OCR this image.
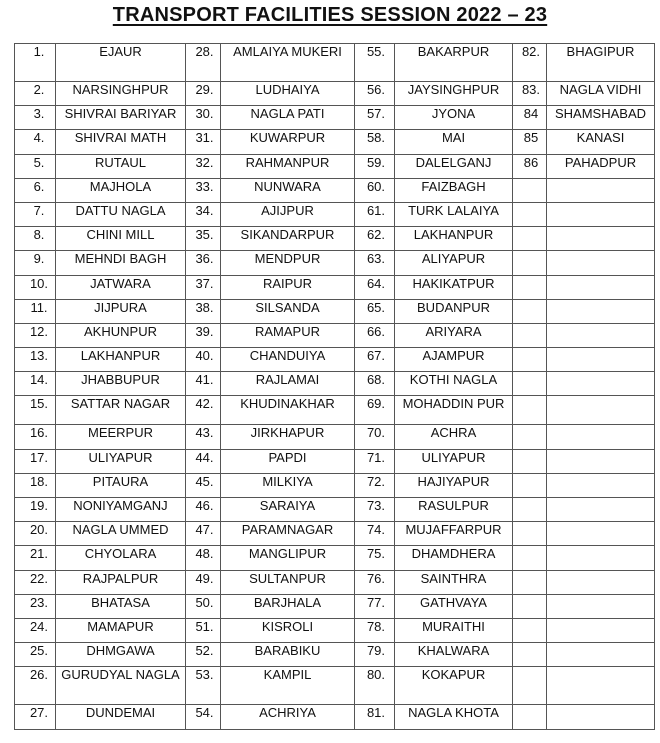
TRANSPORT FACILITIES SESSION 2022 – 23
1.	EJAUR	28.	AMLAIYA MUKERI	55.	BAKARPUR	82.	BHAGIPUR
2.	NARSINGHPUR	29.	LUDHAIYA	56.	JAYSINGHPUR	83.	NAGLA VIDHI
3.	SHIVRAI BARIYAR	30.	NAGLA PATI	57.	JYONA	84	SHAMSHABAD
4.	SHIVRAI MATH	31.	KUWARPUR	58.	MAI	85	KANASI
5.	RUTAUL	32.	RAHMANPUR	59.	DALELGANJ	86	PAHADPUR
6.	MAJHOLA	33.	NUNWARA	60.	FAIZBAGH		
7.	DATTU NAGLA	34.	AJIJPUR	61.	TURK LALAIYA		
8.	CHINI MILL	35.	SIKANDARPUR	62.	LAKHANPUR		
9.	MEHNDI BAGH	36.	MENDPUR	63.	ALIYAPUR		
10.	JATWARA	37.	RAIPUR	64.	HAKIKATPUR		
11.	JIJPURA	38.	SILSANDA	65.	BUDANPUR		
12.	AKHUNPUR	39.	RAMAPUR	66.	ARIYARA		
13.	LAKHANPUR	40.	CHANDUIYA	67.	AJAMPUR		
14.	JHABBUPUR	41.	RAJLAMAI	68.	KOTHI NAGLA		
15.	SATTAR NAGAR	42.	KHUDINAKHAR	69.	MOHADDIN PUR		
16.	MEERPUR	43.	JIRKHAPUR	70.	ACHRA		
17.	ULIYAPUR	44.	PAPDI	71.	ULIYAPUR		
18.	PITAURA	45.	MILKIYA	72.	HAJIYAPUR		
19.	NONIYAMGANJ	46.	SARAIYA	73.	RASULPUR		
20.	NAGLA UMMED	47.	PARAMNAGAR	74.	MUJAFFARPUR		
21.	CHYOLARA	48.	MANGLIPUR	75.	DHAMDHERA		
22.	RAJPALPUR	49.	SULTANPUR	76.	SAINTHRA		
23.	BHATASA	50.	BARJHALA	77.	GATHVAYA		
24.	MAMAPUR	51.	KISROLI	78.	MURAITHI		
25.	DHMGAWA	52.	BARABIKU	79.	KHALWARA		
26.	GURUDYAL NAGLA	53.	KAMPIL	80.	KOKAPUR		
27.	DUNDEMAI	54.	ACHRIYA	81.	NAGLA KHOTA		
